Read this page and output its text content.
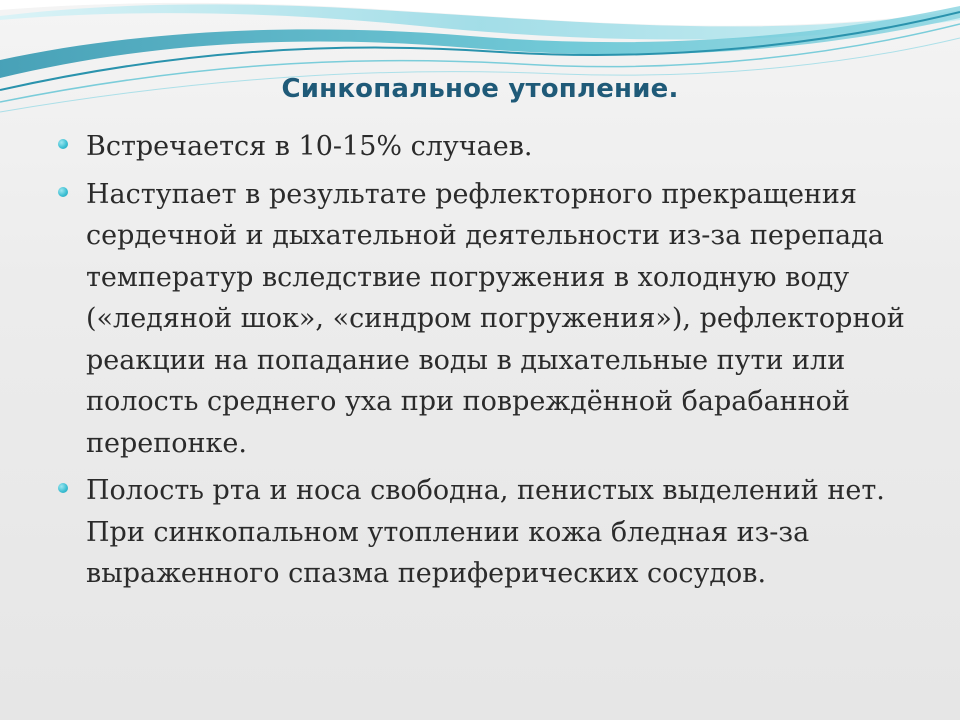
Синкопальное утопление.
Встречается в 10-15% случаев.
Наступает в результате рефлекторного прекращения сердечной и дыхательной деятельности из-за перепада температур вследствие погружения в холодную воду («ледяной шок», «синдром погружения»), рефлекторной реакции на попадание воды в дыхательные пути или полость среднего уха при повреждённой барабанной перепонке.
Полость рта и носа свободна, пенистых выделений нет. При синкопальном утоплении кожа бледная из-за выраженного спазма периферических сосудов.
